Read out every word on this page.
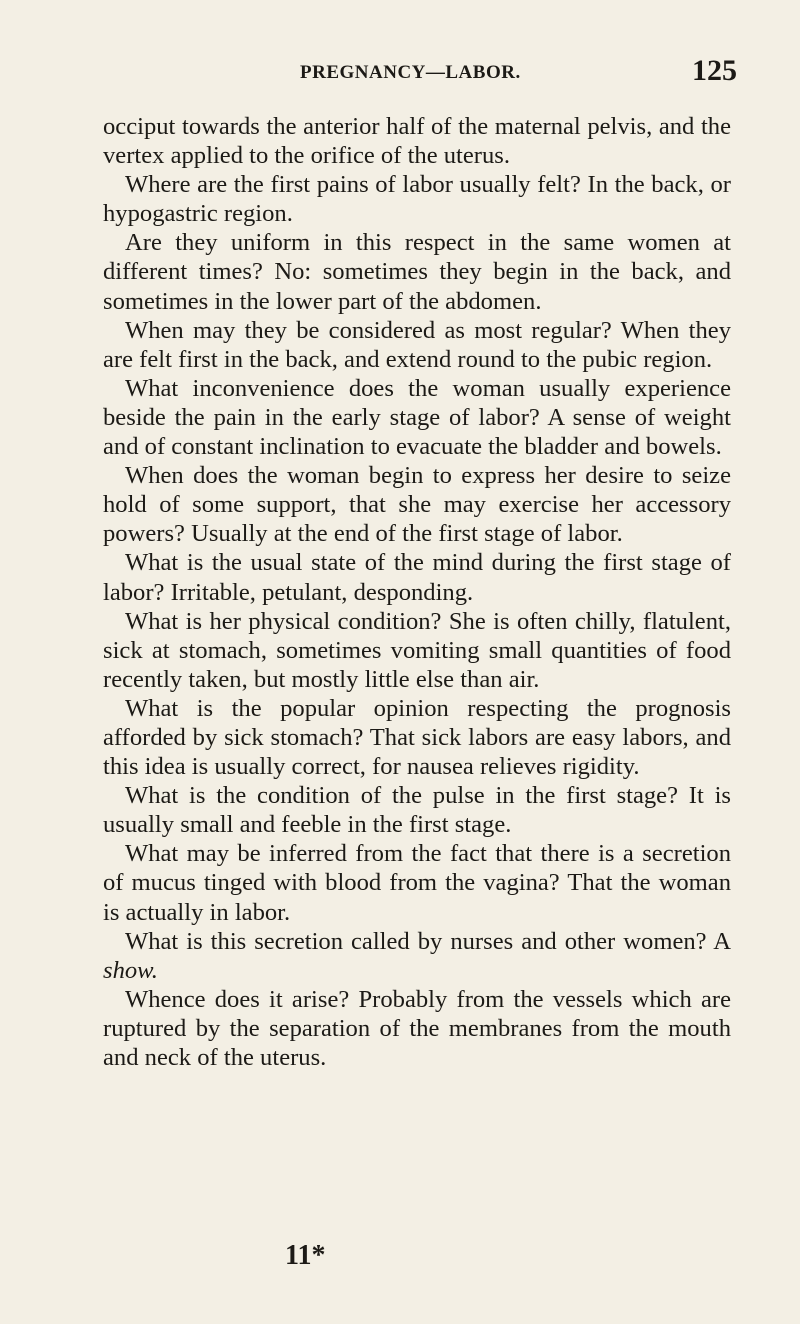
PREGNANCY—LABOR.	125

occiput towards the anterior half of the maternal pelvis, and the vertex applied to the orifice of the uterus.

Where are the first pains of labor usually felt? In the back, or hypogastric region.

Are they uniform in this respect in the same women at different times? No: sometimes they begin in the back, and sometimes in the lower part of the abdomen.

When may they be considered as most regular? When they are felt first in the back, and extend round to the pubic region.

What inconvenience does the woman usually experience beside the pain in the early stage of labor? A sense of weight and of constant inclination to evacuate the bladder and bowels.

When does the woman begin to express her desire to seize hold of some support, that she may exercise her accessory powers? Usually at the end of the first stage of labor.

What is the usual state of the mind during the first stage of labor? Irritable, petulant, desponding.

What is her physical condition? She is often chilly, flatulent, sick at stomach, sometimes vomiting small quantities of food recently taken, but mostly little else than air.

What is the popular opinion respecting the prognosis afforded by sick stomach? That sick labors are easy labors, and this idea is usually correct, for nausea relieves rigidity.

What is the condition of the pulse in the first stage? It is usually small and feeble in the first stage.

What may be inferred from the fact that there is a secretion of mucus tinged with blood from the vagina? That the woman is actually in labor.

What is this secretion called by nurses and other women? A show.

Whence does it arise? Probably from the vessels which are ruptured by the separation of the membranes from the mouth and neck of the uterus.

11*
